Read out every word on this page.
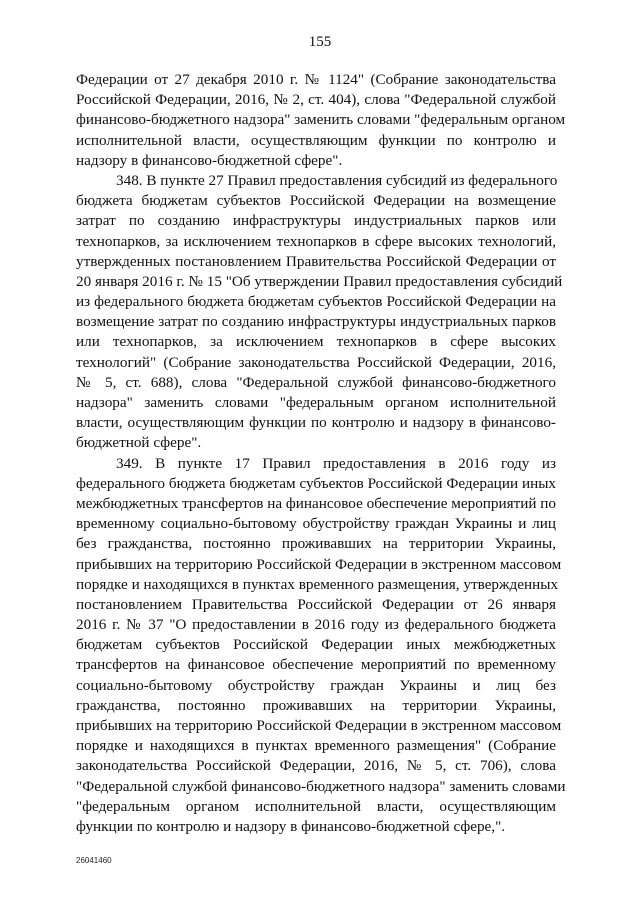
155
Федерации от 27 декабря 2010 г. № 1124" (Собрание законодательства
Российской Федерации, 2016, № 2, ст. 404), слова "Федеральной службой
финансово-бюджетного надзора" заменить словами "федеральным органом
исполнительной власти, осуществляющим функции по контролю и
надзору в финансово-бюджетной сфере".
348. В пункте 27 Правил предоставления субсидий из федерального
бюджета бюджетам субъектов Российской Федерации на возмещение
затрат по созданию инфраструктуры индустриальных парков или
технопарков, за исключением технопарков в сфере высоких технологий,
утвержденных постановлением Правительства Российской Федерации от
20 января 2016 г. № 15 "Об утверждении Правил предоставления субсидий
из федерального бюджета бюджетам субъектов Российской Федерации на
возмещение затрат по созданию инфраструктуры индустриальных парков
или технопарков, за исключением технопарков в сфере высоких
технологий" (Собрание законодательства Российской Федерации, 2016,
№ 5, ст. 688), слова "Федеральной службой финансово-бюджетного
надзора" заменить словами "федеральным органом исполнительной
власти, осуществляющим функции по контролю и надзору в финансово-
бюджетной сфере".
349. В пункте 17 Правил предоставления в 2016 году из
федерального бюджета бюджетам субъектов Российской Федерации иных
межбюджетных трансфертов на финансовое обеспечение мероприятий по
временному социально-бытовому обустройству граждан Украины и лиц
без гражданства, постоянно проживавших на территории Украины,
прибывших на территорию Российской Федерации в экстренном массовом
порядке и находящихся в пунктах временного размещения, утвержденных
постановлением Правительства Российской Федерации от 26 января
2016 г. № 37 "О предоставлении в 2016 году из федерального бюджета
бюджетам субъектов Российской Федерации иных межбюджетных
трансфертов на финансовое обеспечение мероприятий по временному
социально-бытовому обустройству граждан Украины и лиц без
гражданства, постоянно проживавших на территории Украины,
прибывших на территорию Российской Федерации в экстренном массовом
порядке и находящихся в пунктах временного размещения" (Собрание
законодательства Российской Федерации, 2016, № 5, ст. 706), слова
"Федеральной службой финансово-бюджетного надзора" заменить словами
"федеральным органом исполнительной власти, осуществляющим
функции по контролю и надзору в финансово-бюджетной сфере,".
26041460
